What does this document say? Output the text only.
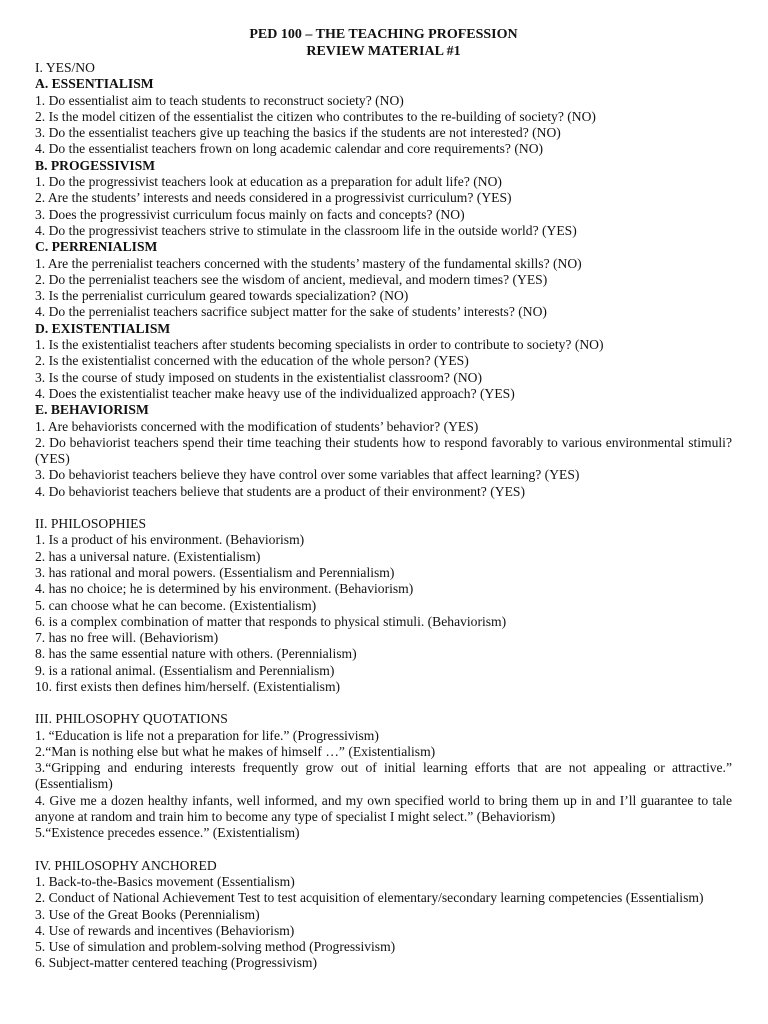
PED 100 – THE TEACHING PROFESSION
REVIEW MATERIAL #1
I. YES/NO
A. ESSENTIALISM
1. Do essentialist aim to teach students to reconstruct society? (NO)
2. Is the model citizen of the essentialist the citizen who contributes to the re-building of society? (NO)
3. Do the essentialist teachers give up teaching the basics if the students are not interested? (NO)
4. Do the essentialist teachers frown on long academic calendar and core requirements? (NO)
B. PROGESSIVISM
1. Do the progressivist teachers look at education as a preparation for adult life? (NO)
2. Are the students’ interests and needs considered in a progressivist curriculum? (YES)
3. Does the progressivist curriculum focus mainly on facts and concepts? (NO)
4. Do the progressivist teachers strive to stimulate in the classroom life in the outside world? (YES)
C. PERRENIALISM
1. Are the perrenialist teachers concerned with the students’ mastery of the fundamental skills? (NO)
2. Do the perrenialist teachers see the wisdom of ancient, medieval, and modern times? (YES)
3. Is the perrenialist curriculum geared towards specialization? (NO)
4. Do the perrenialist teachers sacrifice subject matter for the sake of students’ interests? (NO)
D. EXISTENTIALISM
1. Is the existentialist teachers after students becoming specialists in order to contribute to society? (NO)
2. Is the existentialist concerned with the education of the whole person? (YES)
3. Is the course of study imposed on students in the existentialist classroom? (NO)
4. Does the existentialist teacher make heavy use of the individualized approach? (YES)
E. BEHAVIORISM
1. Are behaviorists concerned with the modification of students’ behavior? (YES)
2. Do behaviorist teachers spend their time teaching their students how to respond favorably to various environmental stimuli? (YES)
3. Do behaviorist teachers believe they have control over some variables that affect learning? (YES)
4. Do behaviorist teachers believe that students are a product of their environment? (YES)
II. PHILOSOPHIES
1. Is a product of his environment. (Behaviorism)
2. has a universal nature. (Existentialism)
3. has rational and moral powers. (Essentialism and Perennialism)
4. has no choice; he is determined by his environment. (Behaviorism)
5. can choose what he can become. (Existentialism)
6. is a complex combination of matter that responds to physical stimuli. (Behaviorism)
7. has no free will. (Behaviorism)
8. has the same essential nature with others. (Perennialism)
9. is a rational animal. (Essentialism and Perennialism)
10. first exists then defines him/herself. (Existentialism)
III. PHILOSOPHY QUOTATIONS
1. “Education is life not a preparation for life.” (Progressivism)
2.“Man is nothing else but what he makes of himself …” (Existentialism)
3.“Gripping and enduring interests frequently grow out of initial learning efforts that are not appealing or attractive.” (Essentialism)
4. Give me a dozen healthy infants, well informed, and my own specified world to bring them up in and I’ll guarantee to tale anyone at random and train him to become any type of specialist I might select.” (Behaviorism)
5.“Existence precedes essence.” (Existentialism)
IV. PHILOSOPHY ANCHORED
1. Back-to-the-Basics movement (Essentialism)
2. Conduct of National Achievement Test to test acquisition of elementary/secondary learning competencies (Essentialism)
3. Use of the Great Books (Perennialism)
4. Use of rewards and incentives (Behaviorism)
5. Use of simulation and problem-solving method (Progressivism)
6. Subject-matter centered teaching (Progressivism)
